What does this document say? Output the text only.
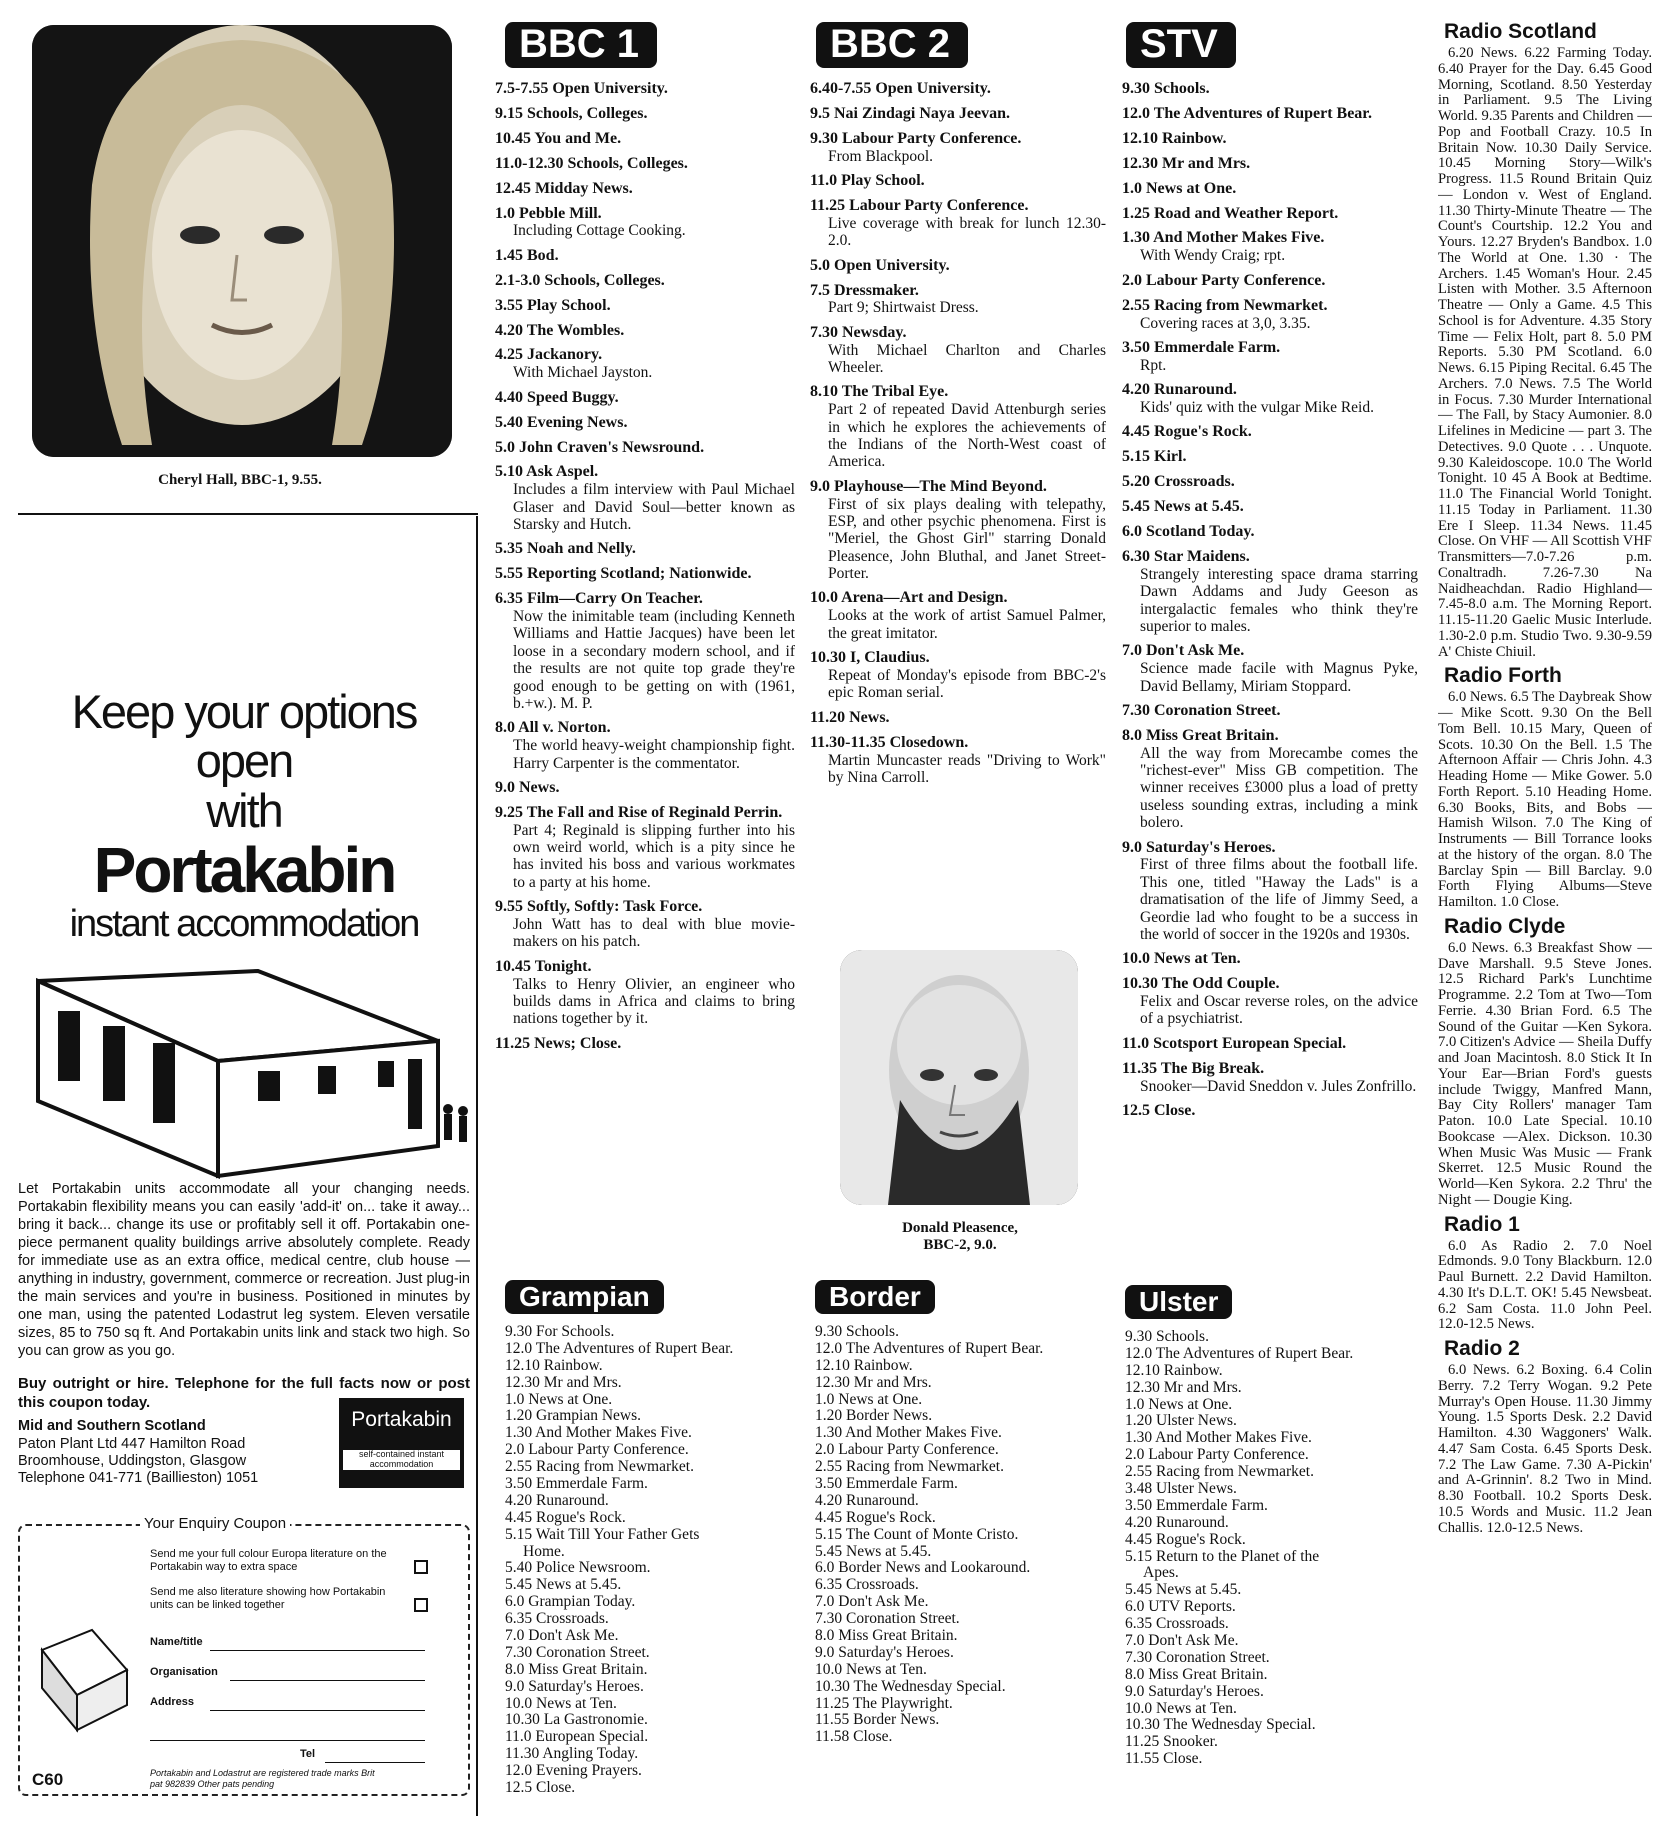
Cheryl Hall, BBC-1, 9.55.
Keep your options open
with
Portakabin
instant accommodation
Let Portakabin units accommodate all your changing needs. Portakabin flexibility means you can easily 'add-it' on... take it away... bring it back... change its use or profitably sell it off. Portakabin one-piece permanent quality buildings arrive absolutely complete. Ready for immediate use as an extra office, medical centre, club house — anything in industry, government, commerce or recreation. Just plug-in the main services and you're in business. Positioned in minutes by one man, using the patented Lodastrut leg system. Eleven versatile sizes, 85 to 750 sq ft. And Portakabin units link and stack two high. So you can grow as you go.
Buy outright or hire. Telephone for the full facts now or post this coupon today.
Mid and Southern Scotland
Paton Plant Ltd 447 Hamilton Road
Broomhouse, Uddingston, Glasgow
Telephone 041-771 (Baillieston) 1051
Portakabin
self-contained instant accommodation
Your Enquiry Coupon
Send me your full colour Europa literature on the Portakabin way to extra space
Send me also literature showing how Portakabin units can be linked together
Name/title
Organisation
Address
Tel
C60	Portakabin and Lodastrut are registered trade marks Brit pat 982839 Other pats pending
BBC 1
7.5-7.55 Open University.
9.15 Schools, Colleges.
10.45 You and Me.
11.0-12.30 Schools, Colleges.
12.45 Midday News.
1.0 Pebble Mill.
Including Cottage Cooking.
1.45 Bod.
2.1-3.0 Schools, Colleges.
3.55 Play School.
4.20 The Wombles.
4.25 Jackanory.
With Michael Jayston.
4.40 Speed Buggy.
5.40 Evening News.
5.0 John Craven's Newsround.
5.10 Ask Aspel.
Includes a film interview with Paul Michael Glaser and David Soul—better known as Starsky and Hutch.
5.35 Noah and Nelly.
5.55 Reporting Scotland; Nationwide.
6.35 Film—Carry On Teacher.
Now the inimitable team (including Kenneth Williams and Hattie Jacques) have been let loose in a secondary modern school, and if the results are not quite top grade they're good enough to be getting on with (1961, b.+w.). M. P.
8.0 All v. Norton.
The world heavy-weight championship fight. Harry Carpenter is the commentator.
9.0 News.
9.25 The Fall and Rise of Reginald Perrin.
Part 4; Reginald is slipping further into his own weird world, which is a pity since he has invited his boss and various workmates to a party at his home.
9.55 Softly, Softly: Task Force.
John Watt has to deal with blue movie-makers on his patch.
10.45 Tonight.
Talks to Henry Olivier, an engineer who builds dams in Africa and claims to bring nations together by it.
11.25 News; Close.
BBC 2
6.40-7.55 Open University.
9.5 Nai Zindagi Naya Jeevan.
9.30 Labour Party Conference.
From Blackpool.
11.0 Play School.
11.25 Labour Party Conference.
Live coverage with break for lunch 12.30-2.0.
5.0 Open University.
7.5 Dressmaker.
Part 9; Shirtwaist Dress.
7.30 Newsday.
With Michael Charlton and Charles Wheeler.
8.10 The Tribal Eye.
Part 2 of repeated David Attenburgh series in which he explores the achievements of the Indians of the North-West coast of America.
9.0 Playhouse—The Mind Beyond.
First of six plays dealing with telepathy, ESP, and other psychic phenomena. First is "Meriel, the Ghost Girl" starring Donald Pleasence, John Bluthal, and Janet Street-Porter.
10.0 Arena—Art and Design.
Looks at the work of artist Samuel Palmer, the great imitator.
10.30 I, Claudius.
Repeat of Monday's episode from BBC-2's epic Roman serial.
11.20 News.
11.30-11.35 Closedown.
Martin Muncaster reads "Driving to Work" by Nina Carroll.
Donald Pleasence,
BBC-2, 9.0.
STV
9.30 Schools.
12.0 The Adventures of Rupert Bear.
12.10 Rainbow.
12.30 Mr and Mrs.
1.0 News at One.
1.25 Road and Weather Report.
1.30 And Mother Makes Five.
With Wendy Craig; rpt.
2.0 Labour Party Conference.
2.55 Racing from Newmarket.
Covering races at 3,0, 3.35.
3.50 Emmerdale Farm.
Rpt.
4.20 Runaround.
Kids' quiz with the vulgar Mike Reid.
4.45 Rogue's Rock.
5.15 Kirl.
5.20 Crossroads.
5.45 News at 5.45.
6.0 Scotland Today.
6.30 Star Maidens.
Strangely interesting space drama starring Dawn Addams and Judy Geeson as intergalactic females who think they're superior to males.
7.0 Don't Ask Me.
Science made facile with Magnus Pyke, David Bellamy, Miriam Stoppard.
7.30 Coronation Street.
8.0 Miss Great Britain.
All the way from Morecambe comes the "richest-ever" Miss GB competition. The winner receives £3000 plus a load of pretty useless sounding extras, including a mink bolero.
9.0 Saturday's Heroes.
First of three films about the football life. This one, titled "Haway the Lads" is a dramatisation of the life of Jimmy Seed, a Geordie lad who fought to be a success in the world of soccer in the 1920s and 1930s.
10.0 News at Ten.
10.30 The Odd Couple.
Felix and Oscar reverse roles, on the advice of a psychiatrist.
11.0 Scotsport European Special.
11.35 The Big Break.
Snooker—David Sneddon v. Jules Zonfrillo.
12.5 Close.
Grampian
9.30 For Schools.
12.0 The Adventures of Rupert Bear.
12.10 Rainbow.
12.30 Mr and Mrs.
1.0 News at One.
1.20 Grampian News.
1.30 And Mother Makes Five.
2.0 Labour Party Conference.
2.55 Racing from Newmarket.
3.50 Emmerdale Farm.
4.20 Runaround.
4.45 Rogue's Rock.
5.15 Wait Till Your Father Gets
Home.
5.40 Police Newsroom.
5.45 News at 5.45.
6.0 Grampian Today.
6.35 Crossroads.
7.0 Don't Ask Me.
7.30 Coronation Street.
8.0 Miss Great Britain.
9.0 Saturday's Heroes.
10.0 News at Ten.
10.30 La Gastronomie.
11.0 European Special.
11.30 Angling Today.
12.0 Evening Prayers.
12.5 Close.
Border
9.30 Schools.
12.0 The Adventures of Rupert Bear.
12.10 Rainbow.
12.30 Mr and Mrs.
1.0 News at One.
1.20 Border News.
1.30 And Mother Makes Five.
2.0 Labour Party Conference.
2.55 Racing from Newmarket.
3.50 Emmerdale Farm.
4.20 Runaround.
4.45 Rogue's Rock.
5.15 The Count of Monte Cristo.
5.45 News at 5.45.
6.0 Border News and Lookaround.
6.35 Crossroads.
7.0 Don't Ask Me.
7.30 Coronation Street.
8.0 Miss Great Britain.
9.0 Saturday's Heroes.
10.0 News at Ten.
10.30 The Wednesday Special.
11.25 The Playwright.
11.55 Border News.
11.58 Close.
Ulster
9.30 Schools.
12.0 The Adventures of Rupert Bear.
12.10 Rainbow.
12.30 Mr and Mrs.
1.0 News at One.
1.20 Ulster News.
1.30 And Mother Makes Five.
2.0 Labour Party Conference.
2.55 Racing from Newmarket.
3.48 Ulster News.
3.50 Emmerdale Farm.
4.20 Runaround.
4.45 Rogue's Rock.
5.15 Return to the Planet of the
Apes.
5.45 News at 5.45.
6.0 UTV Reports.
6.35 Crossroads.
7.0 Don't Ask Me.
7.30 Coronation Street.
8.0 Miss Great Britain.
9.0 Saturday's Heroes.
10.0 News at Ten.
10.30 The Wednesday Special.
11.25 Snooker.
11.55 Close.
Radio Scotland
6.20 News. 6.22 Farming Today. 6.40 Prayer for the Day. 6.45 Good Morning, Scotland. 8.50 Yesterday in Parliament. 9.5 The Living World. 9.35 Parents and Children — Pop and Football Crazy. 10.5 In Britain Now. 10.30 Daily Service. 10.45 Morning Story—Wilk's Progress. 11.5 Round Britain Quiz — London v. West of England. 11.30 Thirty-Minute Theatre — The Count's Courtship. 12.2 You and Yours. 12.27 Bryden's Bandbox. 1.0 The World at One. 1.30 · The Archers. 1.45 Woman's Hour. 2.45 Listen with Mother. 3.5 Afternoon Theatre — Only a Game. 4.5 This School is for Adventure. 4.35 Story Time — Felix Holt, part 8. 5.0 PM Reports. 5.30 PM Scotland. 6.0 News. 6.15 Piping Recital. 6.45 The Archers. 7.0 News. 7.5 The World in Focus. 7.30 Murder International — The Fall, by Stacy Aumonier. 8.0 Lifelines in Medicine — part 3. The Detectives. 9.0 Quote . . . Unquote. 9.30 Kaleidoscope. 10.0 The World Tonight. 10 45 A Book at Bedtime. 11.0 The Financial World Tonight. 11.15 Today in Parliament. 11.30 Ere I Sleep. 11.34 News. 11.45 Close. On VHF — All Scottish VHF Transmitters—7.0-7.26 p.m. Conaltradh. 7.26-7.30 Na Naidheachdan. Radio Highland—7.45-8.0 a.m. The Morning Report. 11.15-11.20 Gaelic Music Interlude. 1.30-2.0 p.m. Studio Two. 9.30-9.59 A' Chiste Chiuil.
Radio Forth
6.0 News. 6.5 The Daybreak Show — Mike Scott. 9.30 On the Bell Tom Bell. 10.15 Mary, Queen of Scots. 10.30 On the Bell. 1.5 The Afternoon Affair — Chris John. 4.3 Heading Home — Mike Gower. 5.0 Forth Report. 5.10 Heading Home. 6.30 Books, Bits, and Bobs —Hamish Wilson. 7.0 The King of Instruments — Bill Torrance looks at the history of the organ. 8.0 The Barclay Spin — Bill Barclay. 9.0 Forth Flying Albums—Steve Hamilton. 1.0 Close.
Radio Clyde
6.0 News. 6.3 Breakfast Show — Dave Marshall. 9.5 Steve Jones. 12.5 Richard Park's Lunchtime Programme. 2.2 Tom at Two—Tom Ferrie. 4.30 Brian Ford. 6.5 The Sound of the Guitar —Ken Sykora. 7.0 Citizen's Advice — Sheila Duffy and Joan Macintosh. 8.0 Stick It In Your Ear—Brian Ford's guests include Twiggy, Manfred Mann, Bay City Rollers' manager Tam Paton. 10.0 Late Special. 10.10 Bookcase —Alex. Dickson. 10.30 When Music Was Music — Frank Skerret. 12.5 Music Round the World—Ken Sykora. 2.2 Thru' the Night — Dougie King.
Radio 1
6.0 As Radio 2. 7.0 Noel Edmonds. 9.0 Tony Blackburn. 12.0 Paul Burnett. 2.2 David Hamilton. 4.30 It's D.L.T. OK! 5.45 Newsbeat. 6.2 Sam Costa. 11.0 John Peel. 12.0-12.5 News.
Radio 2
6.0 News. 6.2 Boxing. 6.4 Colin Berry. 7.2 Terry Wogan. 9.2 Pete Murray's Open House. 11.30 Jimmy Young. 1.5 Sports Desk. 2.2 David Hamilton. 4.30 Waggoners' Walk. 4.47 Sam Costa. 6.45 Sports Desk. 7.2 The Law Game. 7.30 A-Pickin' and A-Grinnin'. 8.2 Two in Mind. 8.30 Football. 10.2 Sports Desk. 10.5 Words and Music. 11.2 Jean Challis. 12.0-12.5 News.
